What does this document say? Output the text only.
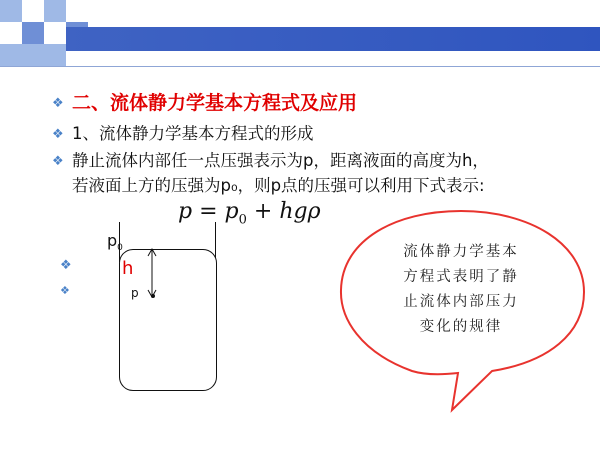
❖ 二、流体静力学基本方程式及应用
❖ 1、流体静力学基本方程式的形成
❖ 静止流体内部任一点压强表示为p，距离液面的高度为h，
若液面上方的压强为p₀，则p点的压强可以利用下式表示:
$p = p_0 + hg\rho$
$p_0$
h
p
❖
❖
流体静力学基本
方程式表明了静
止流体内部压力
变化的规律
